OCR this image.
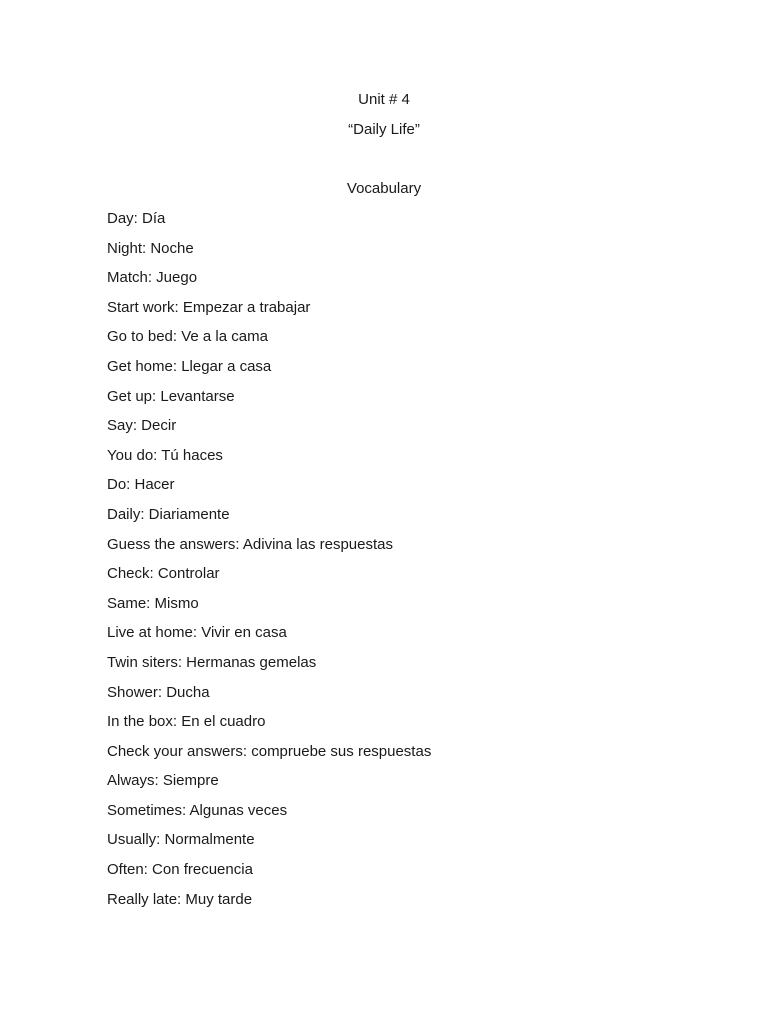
Unit # 4
“Daily Life”
Vocabulary
Day: Día
Night: Noche
Match: Juego
Start work: Empezar a trabajar
Go to bed: Ve a la cama
Get home: Llegar a casa
Get up: Levantarse
Say: Decir
You do: Tú haces
Do: Hacer
Daily: Diariamente
Guess the answers: Adivina las respuestas
Check: Controlar
Same: Mismo
Live at home: Vivir en casa
Twin siters: Hermanas gemelas
Shower: Ducha
In the box: En el cuadro
Check your answers: compruebe sus respuestas
Always: Siempre
Sometimes: Algunas veces
Usually: Normalmente
Often: Con frecuencia
Really late: Muy tarde
